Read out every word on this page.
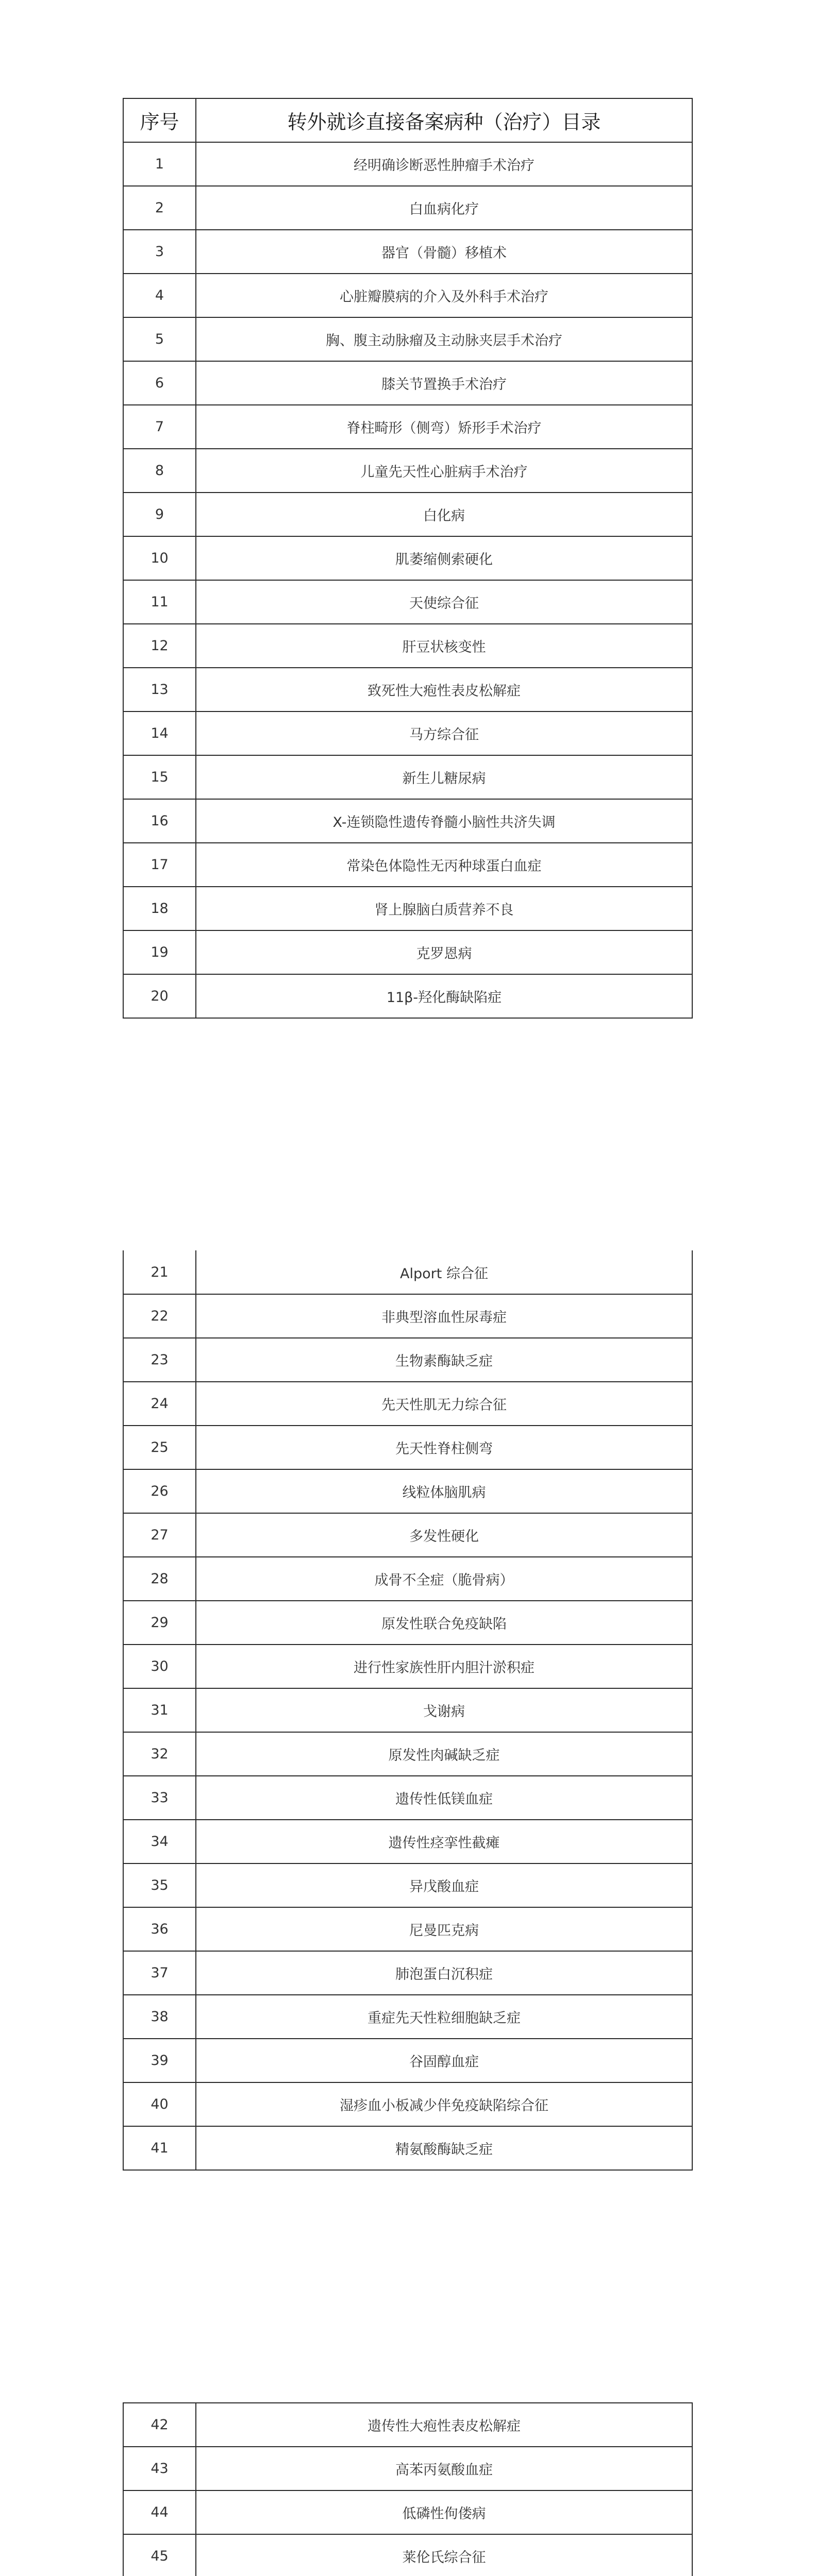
序号	转外就诊直接备案病种（治疗）目录
1	经明确诊断恶性肿瘤手术治疗
2	白血病化疗
3	器官（骨髓）移植术
4	心脏瓣膜病的介入及外科手术治疗
5	胸、腹主动脉瘤及主动脉夹层手术治疗
6	膝关节置换手术治疗
7	脊柱畸形（侧弯）矫形手术治疗
8	儿童先天性心脏病手术治疗
9	白化病
10	肌萎缩侧索硬化
11	天使综合征
12	肝豆状核变性
13	致死性大疱性表皮松解症
14	马方综合征
15	新生儿糖尿病
16	X-连锁隐性遗传脊髓小脑性共济失调
17	常染色体隐性无丙种球蛋白血症
18	肾上腺脑白质营养不良
19	克罗恩病
20	11β-羟化酶缺陷症
21	Alport 综合征
22	非典型溶血性尿毒症
23	生物素酶缺乏症
24	先天性肌无力综合征
25	先天性脊柱侧弯
26	线粒体脑肌病
27	多发性硬化
28	成骨不全症（脆骨病）
29	原发性联合免疫缺陷
30	进行性家族性肝内胆汁淤积症
31	戈谢病
32	原发性肉碱缺乏症
33	遗传性低镁血症
34	遗传性痉挛性截瘫
35	异戊酸血症
36	尼曼匹克病
37	肺泡蛋白沉积症
38	重症先天性粒细胞缺乏症
39	谷固醇血症
40	湿疹血小板减少伴免疫缺陷综合征
41	精氨酸酶缺乏症
42	遗传性大疱性表皮松解症
43	高苯丙氨酸血症
44	低磷性佝偻病
45	莱伦氏综合征
